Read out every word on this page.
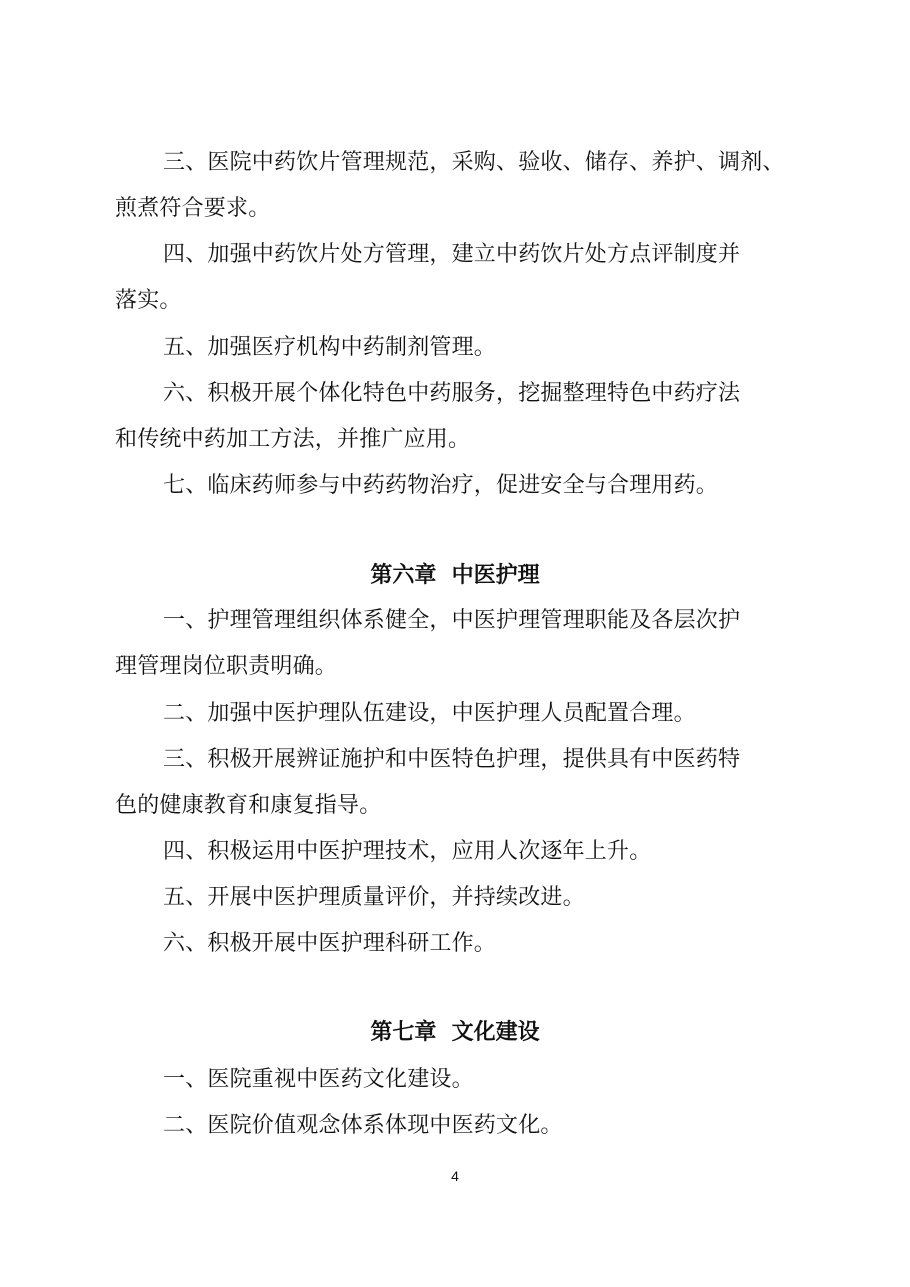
三、医院中药饮片管理规范，采购、验收、储存、养护、调剂、
煎煮符合要求。
四、加强中药饮片处方管理，建立中药饮片处方点评制度并
落实。
五、加强医疗机构中药制剂管理。
六、积极开展个体化特色中药服务，挖掘整理特色中药疗法
和传统中药加工方法，并推广应用。
七、临床药师参与中药药物治疗，促进安全与合理用药。
第六章  中医护理
一、护理管理组织体系健全，中医护理管理职能及各层次护
理管理岗位职责明确。
二、加强中医护理队伍建设，中医护理人员配置合理。
三、积极开展辨证施护和中医特色护理，提供具有中医药特
色的健康教育和康复指导。
四、积极运用中医护理技术，应用人次逐年上升。
五、开展中医护理质量评价，并持续改进。
六、积极开展中医护理科研工作。
第七章  文化建设
一、医院重视中医药文化建设。
二、医院价值观念体系体现中医药文化。
4
